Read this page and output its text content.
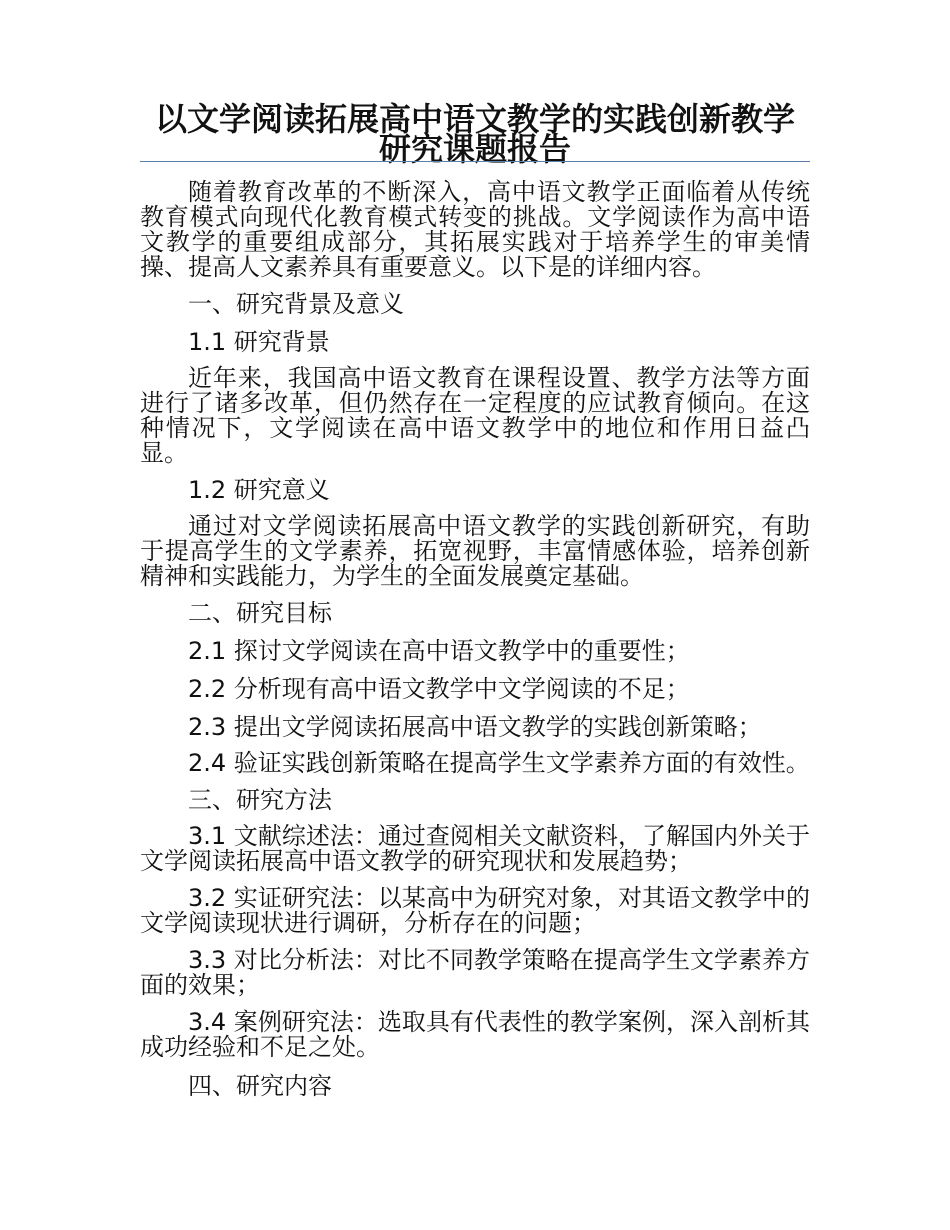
以文学阅读拓展高中语文教学的实践创新教学研究课题报告

随着教育改革的不断深入，高中语文教学正面临着从传统教育模式向现代化教育模式转变的挑战。文学阅读作为高中语文教学的重要组成部分，其拓展实践对于培养学生的审美情操、提高人文素养具有重要意义。以下是的详细内容。

一、研究背景及意义

1.1 研究背景

近年来，我国高中语文教育在课程设置、教学方法等方面进行了诸多改革，但仍然存在一定程度的应试教育倾向。在这种情况下，文学阅读在高中语文教学中的地位和作用日益凸显。

1.2 研究意义

通过对文学阅读拓展高中语文教学的实践创新研究，有助于提高学生的文学素养，拓宽视野，丰富情感体验，培养创新精神和实践能力，为学生的全面发展奠定基础。

二、研究目标

2.1 探讨文学阅读在高中语文教学中的重要性；

2.2 分析现有高中语文教学中文学阅读的不足；

2.3 提出文学阅读拓展高中语文教学的实践创新策略；

2.4 验证实践创新策略在提高学生文学素养方面的有效性。

三、研究方法

3.1 文献综述法：通过查阅相关文献资料，了解国内外关于文学阅读拓展高中语文教学的研究现状和发展趋势；

3.2 实证研究法：以某高中为研究对象，对其语文教学中的文学阅读现状进行调研，分析存在的问题；

3.3 对比分析法：对比不同教学策略在提高学生文学素养方面的效果；

3.4 案例研究法：选取具有代表性的教学案例，深入剖析其成功经验和不足之处。

四、研究内容
